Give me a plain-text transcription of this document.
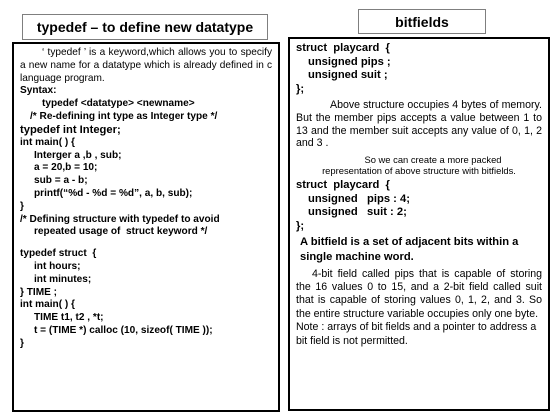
typedef – to define new datatype	bitfields

‘ typedef ’ is a keyword,which allows you to specify a new name for a datatype which is already defined in c language program.

Syntax:

typedef <datatype> <newname>

/* Re-defining int type as Integer type */

typedef int Integer;

int main( ) {

Interger a ,b , sub;

a = 20,b = 10;

sub = a - b;

printf(“%d - %d = %d”, a, b, sub);

}

/* Defining structure with typedef to avoid

repeated usage of  struct keyword */

typedef struct  {

int hours;

int minutes;

} TIME ;

int main( ) {

TIME t1, t2 , *t;

t = (TIME *) calloc (10, sizeof( TIME ));

}

struct  playcard  {

unsigned pips ;

unsigned suit ;

};

Above structure occupies 4 bytes of memory. But the member pips accepts a value between 1 to 13 and the member suit accepts any value of 0, 1, 2 and 3 .

So we can create a more packed

representation of above structure with bitfields.

struct  playcard  {

unsigned   pips : 4;

unsigned   suit : 2;

};

A bitfield is a set of adjacent bits within a single machine word.

4-bit field called pips that is capable of storing the 16 values 0 to 15, and a 2-bit field called suit that is capable of storing values 0, 1, 2, and 3. So the entire structure variable occupies only one byte.

Note : arrays of bit fields and a pointer to address a bit field is not permitted.
